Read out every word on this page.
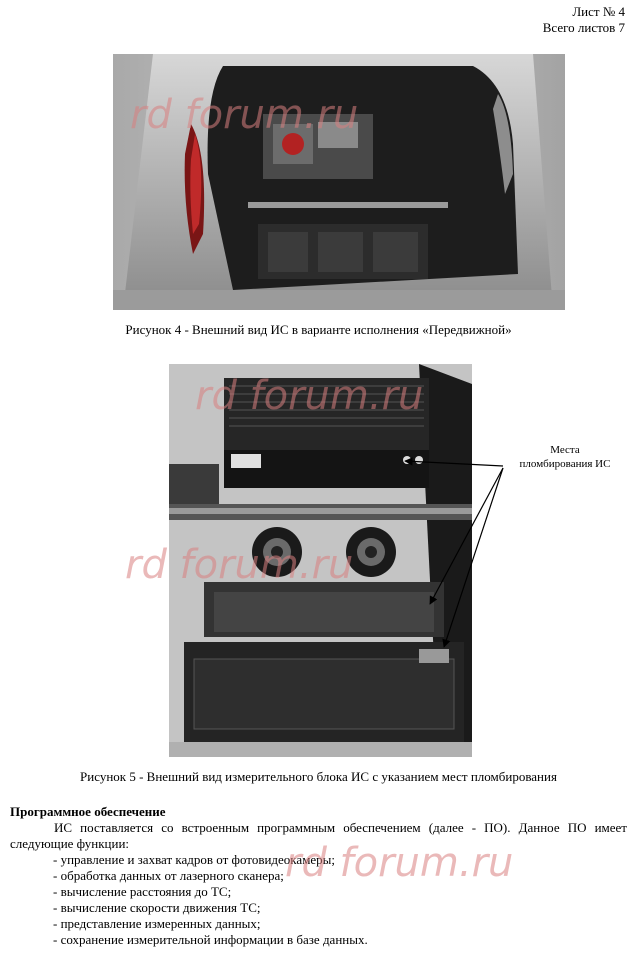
Лист № 4
Всего листов 7
Рисунок 4 - Внешний вид ИС в варианте исполнения «Передвижной»
Места
пломбирования ИС
Рисунок 5 - Внешний вид измерительного блока ИС с указанием мест пломбирования
Программное обеспечение
ИС поставляется со встроенным программным обеспечением (далее - ПО). Данное ПО имеет следующие функции:
- управление и захват кадров от фотовидеокамеры;
- обработка данных от лазерного сканера;
- вычисление расстояния до ТС;
- вычисление скорости движения ТС;
- представление измеренных данных;
- сохранение измерительной информации в базе данных.
rd forum.ru
rd forum.ru
rd forum.ru
rd forum.ru
